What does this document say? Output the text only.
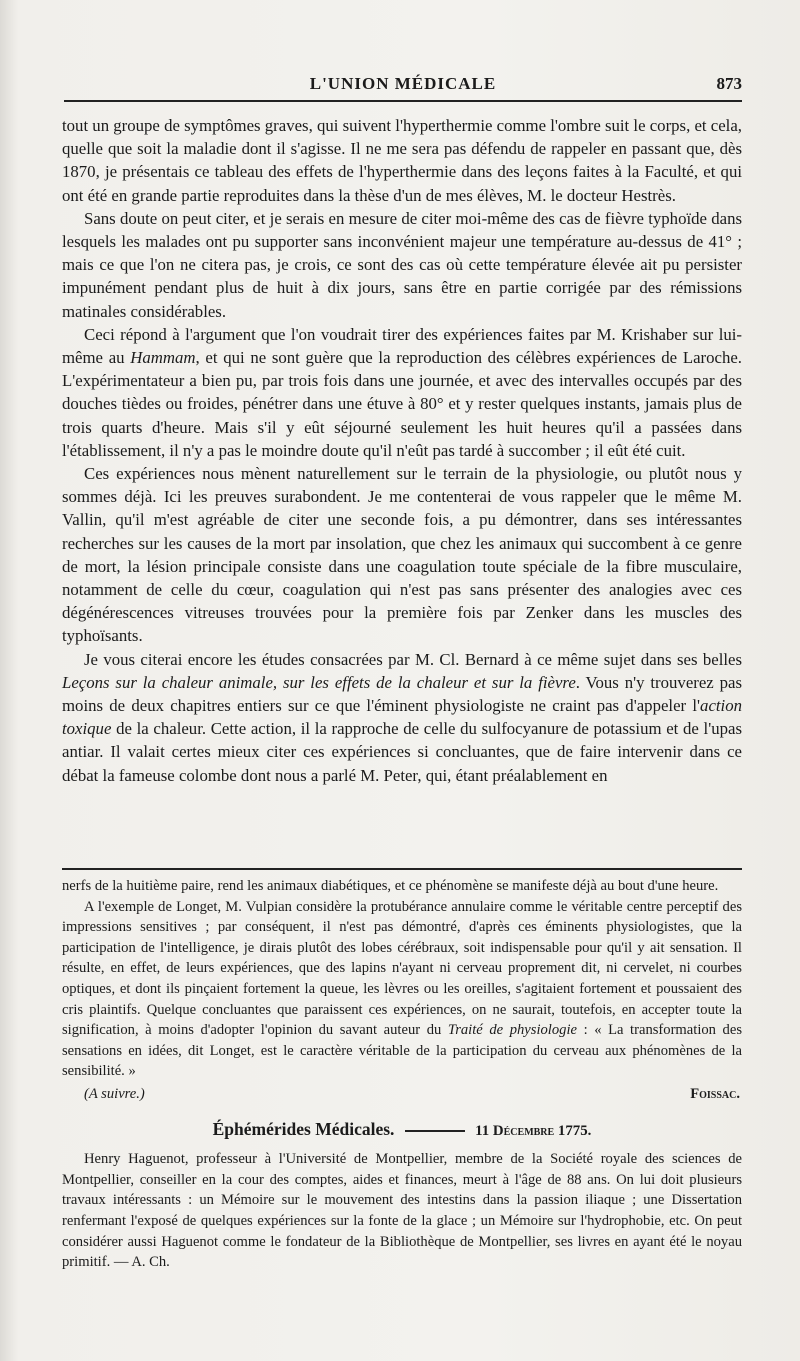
L'UNION MÉDICALE	873

tout un groupe de symptômes graves, qui suivent l'hyperthermie comme l'ombre suit le corps, et cela, quelle que soit la maladie dont il s'agisse. Il ne me sera pas défendu de rappeler en passant que, dès 1870, je présentais ce tableau des effets de l'hyperthermie dans des leçons faites à la Faculté, et qui ont été en grande partie reproduites dans la thèse d'un de mes élèves, M. le docteur Hestrès.

Sans doute on peut citer, et je serais en mesure de citer moi-même des cas de fièvre typhoïde dans lesquels les malades ont pu supporter sans inconvénient majeur une température au-dessus de 41° ; mais ce que l'on ne citera pas, je crois, ce sont des cas où cette température élevée ait pu persister impunément pendant plus de huit à dix jours, sans être en partie corrigée par des rémissions matinales considérables.

Ceci répond à l'argument que l'on voudrait tirer des expériences faites par M. Krishaber sur lui-même au Hammam, et qui ne sont guère que la reproduction des célèbres expériences de Laroche. L'expérimentateur a bien pu, par trois fois dans une journée, et avec des intervalles occupés par des douches tièdes ou froides, pénétrer dans une étuve à 80° et y rester quelques instants, jamais plus de trois quarts d'heure. Mais s'il y eût séjourné seulement les huit heures qu'il a passées dans l'établissement, il n'y a pas le moindre doute qu'il n'eût pas tardé à succomber ; il eût été cuit.

Ces expériences nous mènent naturellement sur le terrain de la physiologie, ou plutôt nous y sommes déjà. Ici les preuves surabondent. Je me contenterai de vous rappeler que le même M. Vallin, qu'il m'est agréable de citer une seconde fois, a pu démontrer, dans ses intéressantes recherches sur les causes de la mort par insolation, que chez les animaux qui succombent à ce genre de mort, la lésion principale consiste dans une coagulation toute spéciale de la fibre musculaire, notamment de celle du cœur, coagulation qui n'est pas sans présenter des analogies avec ces dégénérescences vitreuses trouvées pour la première fois par Zenker dans les muscles des typhoïsants.

Je vous citerai encore les études consacrées par M. Cl. Bernard à ce même sujet dans ses belles Leçons sur la chaleur animale, sur les effets de la chaleur et sur la fièvre. Vous n'y trouverez pas moins de deux chapitres entiers sur ce que l'éminent physiologiste ne craint pas d'appeler l'action toxique de la chaleur. Cette action, il la rapproche de celle du sulfocyanure de potassium et de l'upas antiar. Il valait certes mieux citer ces expériences si concluantes, que de faire intervenir dans ce débat la fameuse colombe dont nous a parlé M. Peter, qui, étant préalablement en

nerfs de la huitième paire, rend les animaux diabétiques, et ce phénomène se manifeste déjà au bout d'une heure.

A l'exemple de Longet, M. Vulpian considère la protubérance annulaire comme le véritable centre perceptif des impressions sensitives ; par conséquent, il n'est pas démontré, d'après ces éminents physiologistes, que la participation de l'intelligence, je dirais plutôt des lobes cérébraux, soit indispensable pour qu'il y ait sensation. Il résulte, en effet, de leurs expériences, que des lapins n'ayant ni cerveau proprement dit, ni cervelet, ni courbes optiques, et dont ils pinçaient fortement la queue, les lèvres ou les oreilles, s'agitaient fortement et poussaient des cris plaintifs. Quelque concluantes que paraissent ces expériences, on ne saurait, toutefois, en accepter toute la signification, à moins d'adopter l'opinion du savant auteur du Traité de physiologie : « La transformation des sensations en idées, dit Longet, est le caractère véritable de la participation du cerveau aux phénomènes de la sensibilité. »

(A suivre.)	Foissac.
Éphémérides Médicales.	11 Décembre 1775.

Henry Haguenot, professeur à l'Université de Montpellier, membre de la Société royale des sciences de Montpellier, conseiller en la cour des comptes, aides et finances, meurt à l'âge de 88 ans. On lui doit plusieurs travaux intéressants : un Mémoire sur le mouvement des intestins dans la passion iliaque ; une Dissertation renfermant l'exposé de quelques expériences sur la fonte de la glace ; un Mémoire sur l'hydrophobie, etc. On peut considérer aussi Haguenot comme le fondateur de la Bibliothèque de Montpellier, ses livres en ayant été le noyau primitif. — A. Ch.
